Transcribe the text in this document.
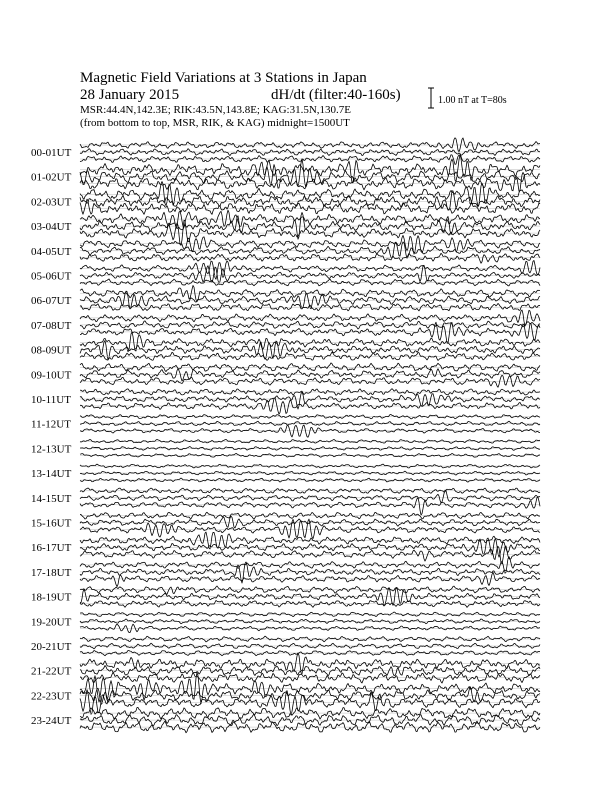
Magnetic Field Variations at 3 Stations in Japan
28 January 2015	dH/dt (filter:40-160s)
MSR:44.4N,142.3E; RIK:43.5N,143.8E; KAG:31.5N,130.7E
(from bottom to top, MSR, RIK, & KAG) midnight=1500UT
1.00 nT at T=80s
00-01UT
01-02UT
02-03UT
03-04UT
04-05UT
05-06UT
06-07UT
07-08UT
08-09UT
09-10UT
10-11UT
11-12UT
12-13UT
13-14UT
14-15UT
15-16UT
16-17UT
17-18UT
18-19UT
19-20UT
20-21UT
21-22UT
22-23UT
23-24UT
